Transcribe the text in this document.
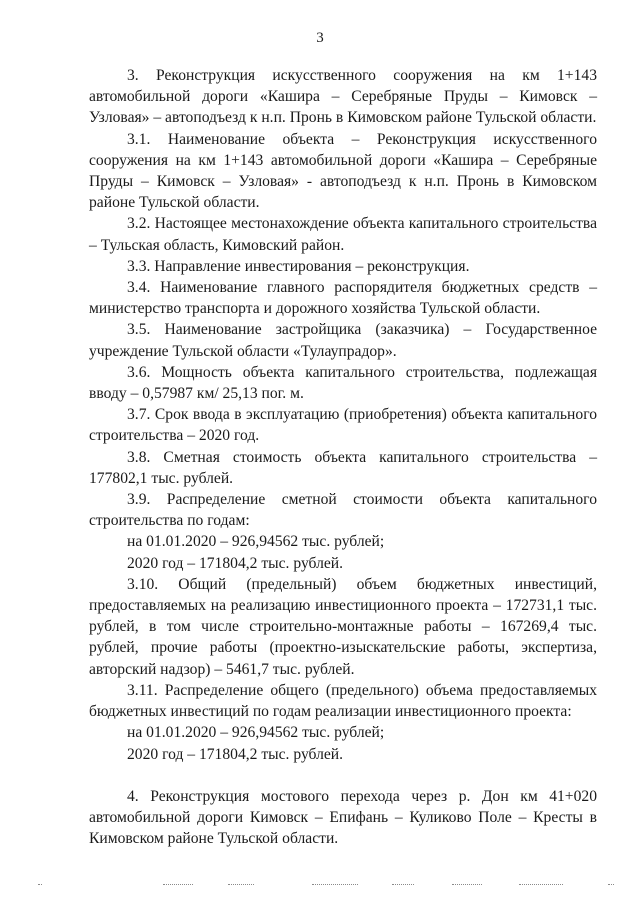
3

3. Реконструкция искусственного сооружения на км 1+143 автомобильной дороги «Кашира – Серебряные Пруды – Кимовск – Узловая» – автоподъезд к н.п. Пронь в Кимовском районе Тульской области.

3.1. Наименование объекта – Реконструкция искусственного сооружения на км 1+143 автомобильной дороги «Кашира – Серебряные Пруды – Кимовск – Узловая» - автоподъезд к н.п. Пронь в Кимовском районе Тульской области.

3.2. Настоящее местонахождение объекта капитального строительства – Тульская область, Кимовский район.

3.3. Направление инвестирования – реконструкция.

3.4. Наименование главного распорядителя бюджетных средств – министерство транспорта и дорожного хозяйства Тульской области.

3.5. Наименование застройщика (заказчика) – Государственное учреждение Тульской области «Тулаупрадор».

3.6. Мощность объекта капитального строительства, подлежащая вводу – 0,57987 км/ 25,13 пог. м.

3.7. Срок ввода в эксплуатацию (приобретения) объекта капитального строительства – 2020 год.

3.8. Сметная стоимость объекта капитального строительства – 177802,1 тыс. рублей.

3.9. Распределение сметной стоимости объекта капитального строительства по годам:

на 01.01.2020 – 926,94562 тыс. рублей;

2020 год – 171804,2 тыс. рублей.

3.10. Общий (предельный) объем бюджетных инвестиций, предоставляемых на реализацию инвестиционного проекта – 172731,1 тыс. рублей, в том числе строительно-монтажные работы – 167269,4 тыс. рублей, прочие работы (проектно-изыскательские работы, экспертиза, авторский надзор) – 5461,7 тыс. рублей.

3.11. Распределение общего (предельного) объема предоставляемых бюджетных инвестиций по годам реализации инвестиционного проекта:

на 01.01.2020 – 926,94562 тыс. рублей;

2020 год – 171804,2 тыс. рублей.

4. Реконструкция мостового перехода через р. Дон км 41+020 автомобильной дороги Кимовск – Епифань – Куликово Поле – Кресты в Кимовском районе Тульской области.
